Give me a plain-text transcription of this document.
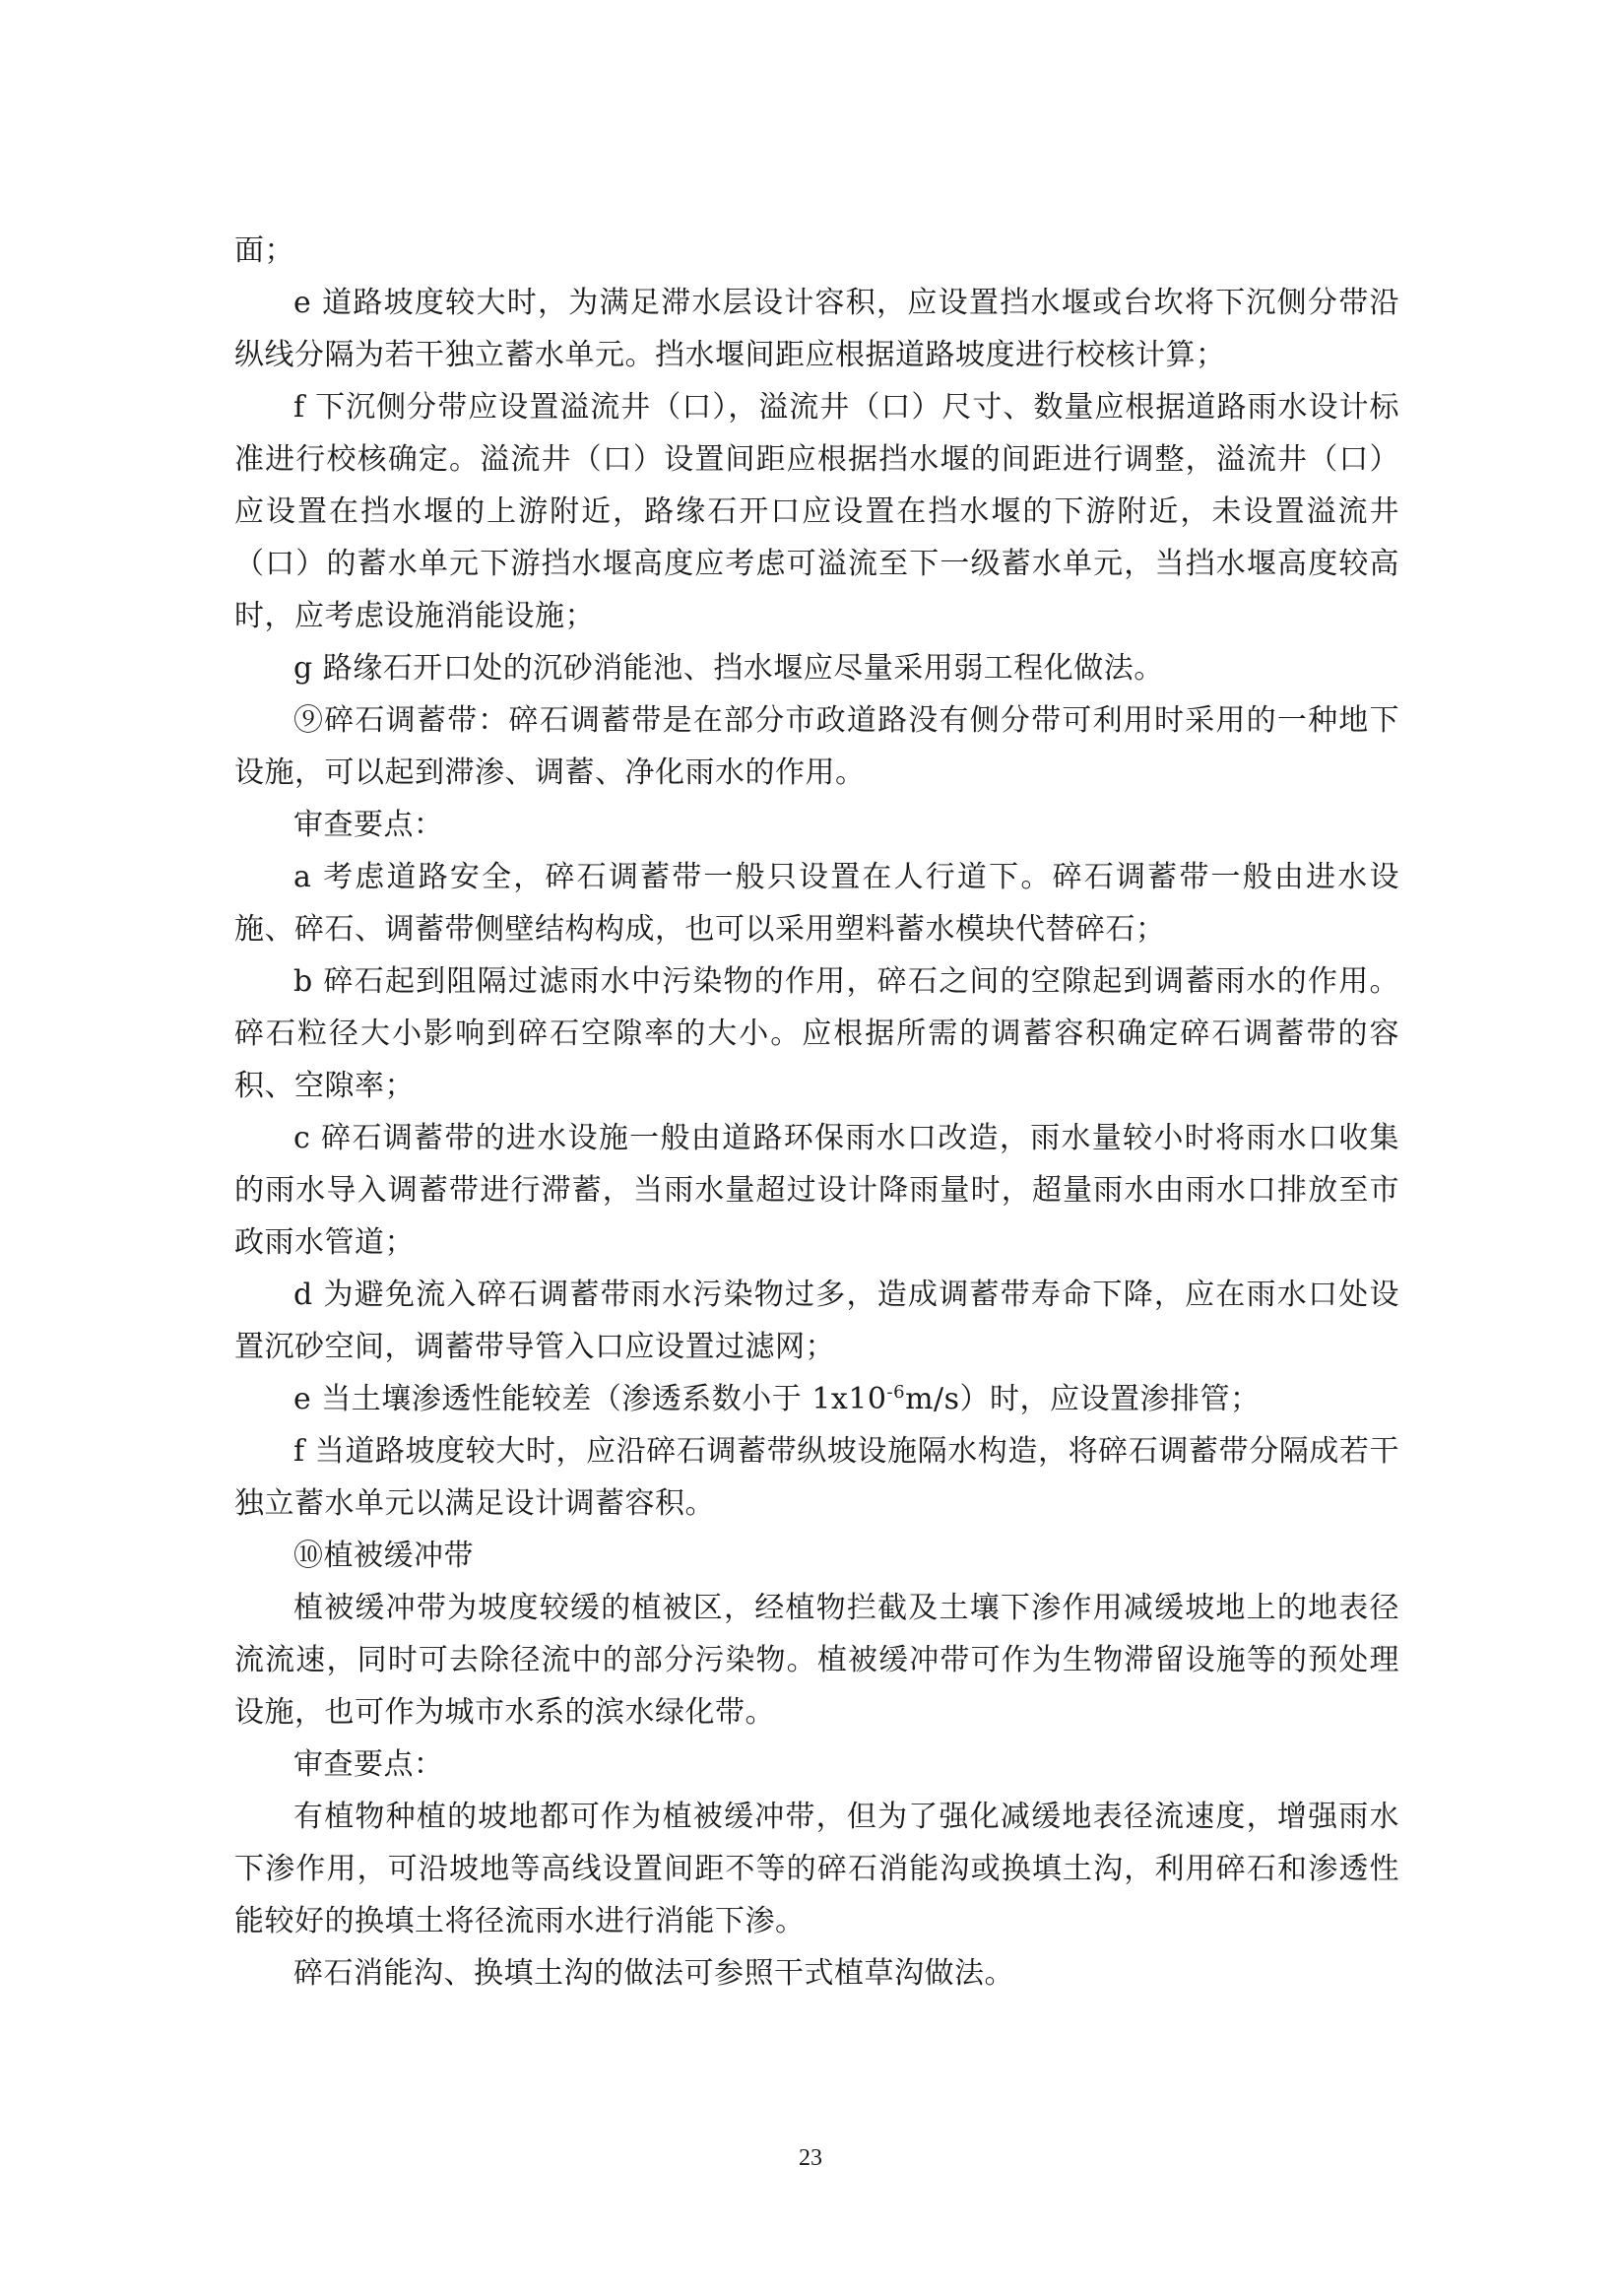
面；

e 道路坡度较大时，为满足滞水层设计容积，应设置挡水堰或台坎将下沉侧分带沿纵线分隔为若干独立蓄水单元。挡水堰间距应根据道路坡度进行校核计算；

f 下沉侧分带应设置溢流井（口），溢流井（口）尺寸、数量应根据道路雨水设计标准进行校核确定。溢流井（口）设置间距应根据挡水堰的间距进行调整，溢流井（口）应设置在挡水堰的上游附近，路缘石开口应设置在挡水堰的下游附近，未设置溢流井（口）的蓄水单元下游挡水堰高度应考虑可溢流至下一级蓄水单元，当挡水堰高度较高时，应考虑设施消能设施；

g 路缘石开口处的沉砂消能池、挡水堰应尽量采用弱工程化做法。

⑨碎石调蓄带：碎石调蓄带是在部分市政道路没有侧分带可利用时采用的一种地下设施，可以起到滞渗、调蓄、净化雨水的作用。

审查要点：

a 考虑道路安全，碎石调蓄带一般只设置在人行道下。碎石调蓄带一般由进水设施、碎石、调蓄带侧壁结构构成，也可以采用塑料蓄水模块代替碎石；

b 碎石起到阻隔过滤雨水中污染物的作用，碎石之间的空隙起到调蓄雨水的作用。碎石粒径大小影响到碎石空隙率的大小。应根据所需的调蓄容积确定碎石调蓄带的容积、空隙率；

c 碎石调蓄带的进水设施一般由道路环保雨水口改造，雨水量较小时将雨水口收集的雨水导入调蓄带进行滞蓄，当雨水量超过设计降雨量时，超量雨水由雨水口排放至市政雨水管道；

d 为避免流入碎石调蓄带雨水污染物过多，造成调蓄带寿命下降，应在雨水口处设置沉砂空间，调蓄带导管入口应设置过滤网；

e 当土壤渗透性能较差（渗透系数小于 $1x10^{-6}m/s$）时，应设置渗排管；

f 当道路坡度较大时，应沿碎石调蓄带纵坡设施隔水构造，将碎石调蓄带分隔成若干独立蓄水单元以满足设计调蓄容积。

⑩植被缓冲带

植被缓冲带为坡度较缓的植被区，经植物拦截及土壤下渗作用减缓坡地上的地表径流流速，同时可去除径流中的部分污染物。植被缓冲带可作为生物滞留设施等的预处理设施，也可作为城市水系的滨水绿化带。

审查要点：

有植物种植的坡地都可作为植被缓冲带，但为了强化减缓地表径流速度，增强雨水下渗作用，可沿坡地等高线设置间距不等的碎石消能沟或换填土沟，利用碎石和渗透性能较好的换填土将径流雨水进行消能下渗。

碎石消能沟、换填土沟的做法可参照干式植草沟做法。

23
